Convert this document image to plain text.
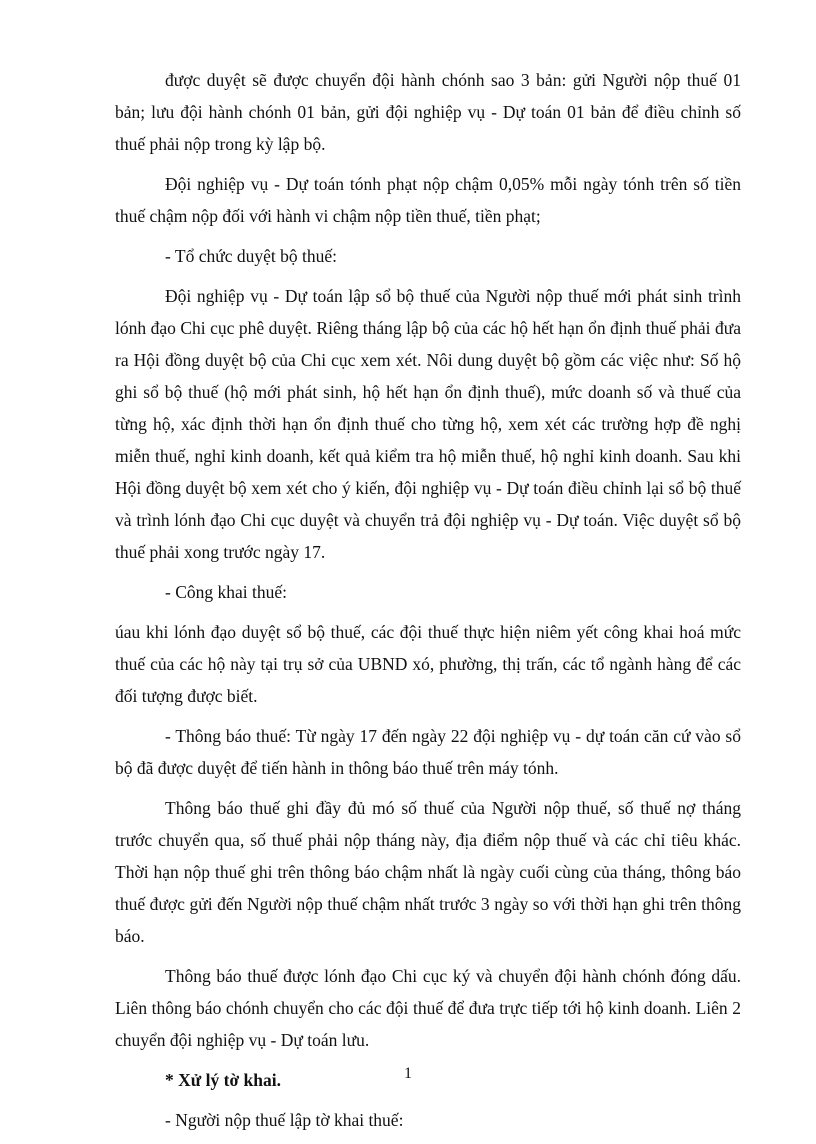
được duyệt sẽ được chuyển đội hành chónh sao 3 bản: gửi Người nộp thuế 01 bản; lưu đội hành chónh 01 bản, gửi đội nghiệp vụ - Dự toán 01 bản để điều chỉnh số thuế phải nộp trong kỳ lập bộ.

Đội nghiệp vụ - Dự toán tónh phạt nộp chậm 0,05% mỗi ngày tónh trên số tiền thuế chậm nộp đối với hành vi chậm nộp tiền thuế, tiền phạt;

- Tổ chức duyệt bộ thuế:

Đội nghiệp vụ - Dự toán lập sổ bộ thuế của Người nộp thuế mới phát sinh trình lónh đạo Chi cục phê duyệt. Riêng tháng lập bộ của các hộ hết hạn ổn định thuế phải đưa ra Hội đồng duyệt bộ của Chi cục xem xét. Nôi dung duyệt bộ gồm các việc như: Số hộ ghi sổ bộ thuế (hộ mới phát sinh, hộ hết hạn ổn định thuế), mức doanh số và thuế của từng hộ, xác định thời hạn ổn định thuế cho từng hộ, xem xét các trường hợp đề nghị miễn thuế, nghỉ kinh doanh, kết quả kiểm tra hộ miễn thuế, hộ nghỉ kinh doanh. Sau khi Hội đồng duyệt bộ xem xét cho ý kiến, đội nghiệp vụ - Dự toán điều chỉnh lại sổ bộ thuế và trình lónh đạo Chi cục duyệt và chuyển trả đội nghiệp vụ - Dự toán. Việc duyệt sổ bộ thuế phải xong trước ngày 17.

- Công khai thuế:

úau khi lónh đạo duyệt sổ bộ thuế, các đội thuế thực hiện niêm yết công khai hoá mức thuế của các hộ này tại trụ sở của UBND xó, phường, thị trấn, các tổ ngành hàng để các đối tượng được biết.

- Thông báo thuế: Từ ngày 17 đến ngày 22 đội nghiệp vụ - dự toán căn cứ vào sổ bộ đã được duyệt để tiến hành in thông báo thuế trên máy tónh.

Thông báo thuế ghi đầy đủ mó số thuế của Người nộp thuế, số thuế nợ tháng trước chuyển qua, số thuế phải nộp tháng này, địa điểm nộp thuế và các chỉ tiêu khác. Thời hạn nộp thuế ghi trên thông báo chậm nhất là ngày cuối cùng của tháng, thông báo thuế được gửi đến Người nộp thuế chậm nhất trước 3 ngày so với thời hạn ghi trên thông báo.

Thông báo thuế được lónh đạo Chi cục ký và chuyển đội hành chónh đóng dấu. Liên thông báo chónh chuyển cho các đội thuế để đưa trực tiếp tới hộ kinh doanh. Liên 2 chuyển đội nghiệp vụ - Dự toán lưu.

* Xử lý tờ khai.

- Người nộp thuế lập tờ khai thuế:

1
